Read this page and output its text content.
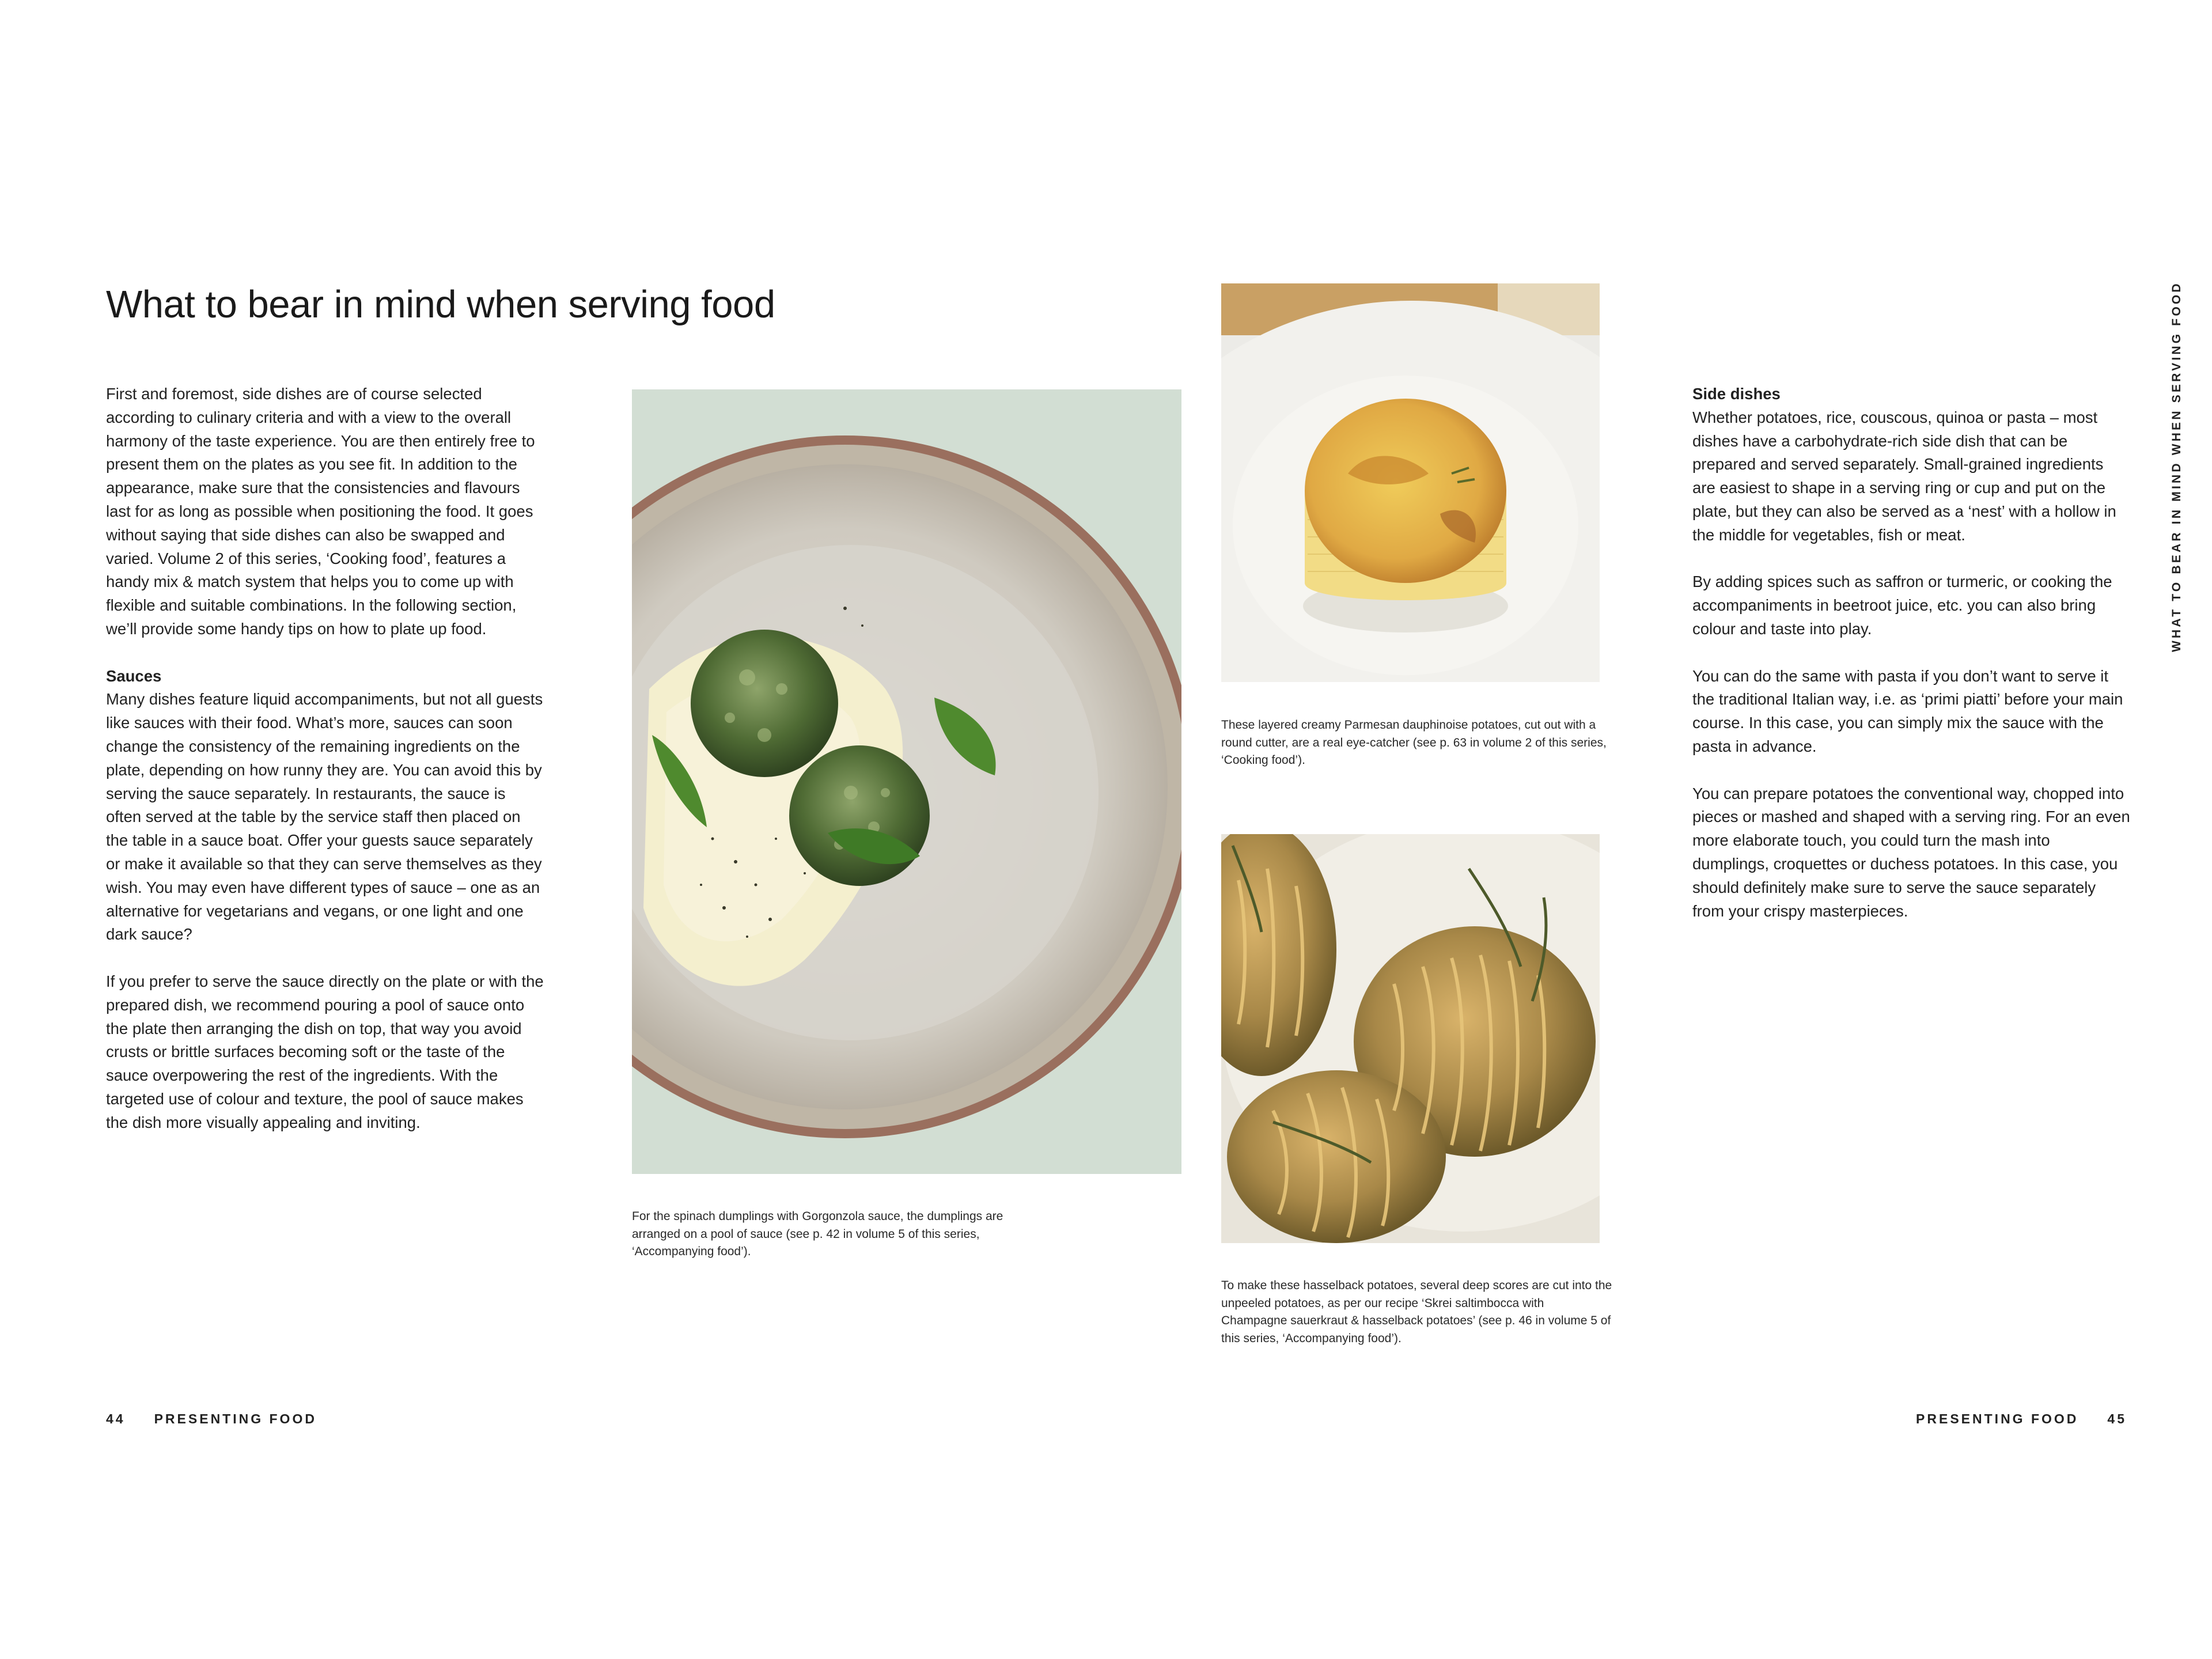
What to bear in mind when serving food	WHAT TO BEAR IN MIND WHEN SERVING FOOD

First and foremost, side dishes are of course selected according to culinary criteria and with a view to the overall harmony of the taste experience. You are then entirely free to present them on the plates as you see fit. In addition to the appearance, make sure that the consistencies and flavours last for as long as possible when positioning the food. It goes without saying that side dishes can also be swapped and varied. Volume 2 of this series, ‘Cooking food’, features a handy mix & match system that helps you to come up with flexible and suitable combinations. In the following section, we’ll provide some handy tips on how to plate up food.

Sauces

Many dishes feature liquid accompaniments, but not all guests like sauces with their food. What’s more, sauces can soon change the consistency of the remaining ingredients on the plate, depending on how runny they are. You can avoid this by serving the sauce separately. In restaurants, the sauce is often served at the table by the service staff then placed on the table in a sauce boat. Offer your guests sauce separately or make it available so that they can serve themselves as they wish. You may even have different types of sauce – one as an alternative for vegetarians and vegans, or one light and one dark sauce?

If you prefer to serve the sauce directly on the plate or with the prepared dish, we recommend pouring a pool of sauce onto the plate then arranging the dish on top, that way you avoid crusts or brittle surfaces becoming soft or the taste of the sauce overpowering the rest of the ingredients. With the targeted use of colour and texture, the pool of sauce makes the dish more visually appealing and inviting.

For the spinach dumplings with Gorgonzola sauce, the dumplings are arranged on a pool of sauce (see p. 42 in volume 5 of this series, ‘Accompanying food’).
These layered creamy Parmesan dauphinoise potatoes, cut out with a round cutter, are a real eye-catcher (see p. 63 in volume 2 of this series, ‘Cooking food’).
To make these hasselback potatoes, several deep scores are cut into the unpeeled potatoes, as per our recipe ‘Skrei saltimbocca with Champagne sauerkraut & hasselback potatoes’ (see p. 46 in volume 5 of this series, ‘Accompanying food’).

Side dishes

Whether potatoes, rice, couscous, quinoa or pasta – most dishes have a carbohydrate-rich side dish that can be prepared and served separately. Small-grained ingredients are easiest to shape in a serving ring or cup and put on the plate, but they can also be served as a ‘nest’ with a hollow in the middle for vegetables, fish or meat.

By adding spices such as saffron or turmeric, or cooking the accompaniments in beetroot juice, etc. you can also bring colour and taste into play.

You can do the same with pasta if you don’t want to serve it the traditional Italian way, i.e. as ‘primi piatti’ before your main course. In this case, you can simply mix the sauce with the pasta in advance.

You can prepare potatoes the conventional way, chopped into pieces or mashed and shaped with a serving ring. For an even more elaborate touch, you could turn the mash into dumplings, croquettes or duchess potatoes. In this case, you should definitely make sure to serve the sauce separately from your crispy masterpieces.

44 PRESENTING FOOD	PRESENTING FOOD 45
